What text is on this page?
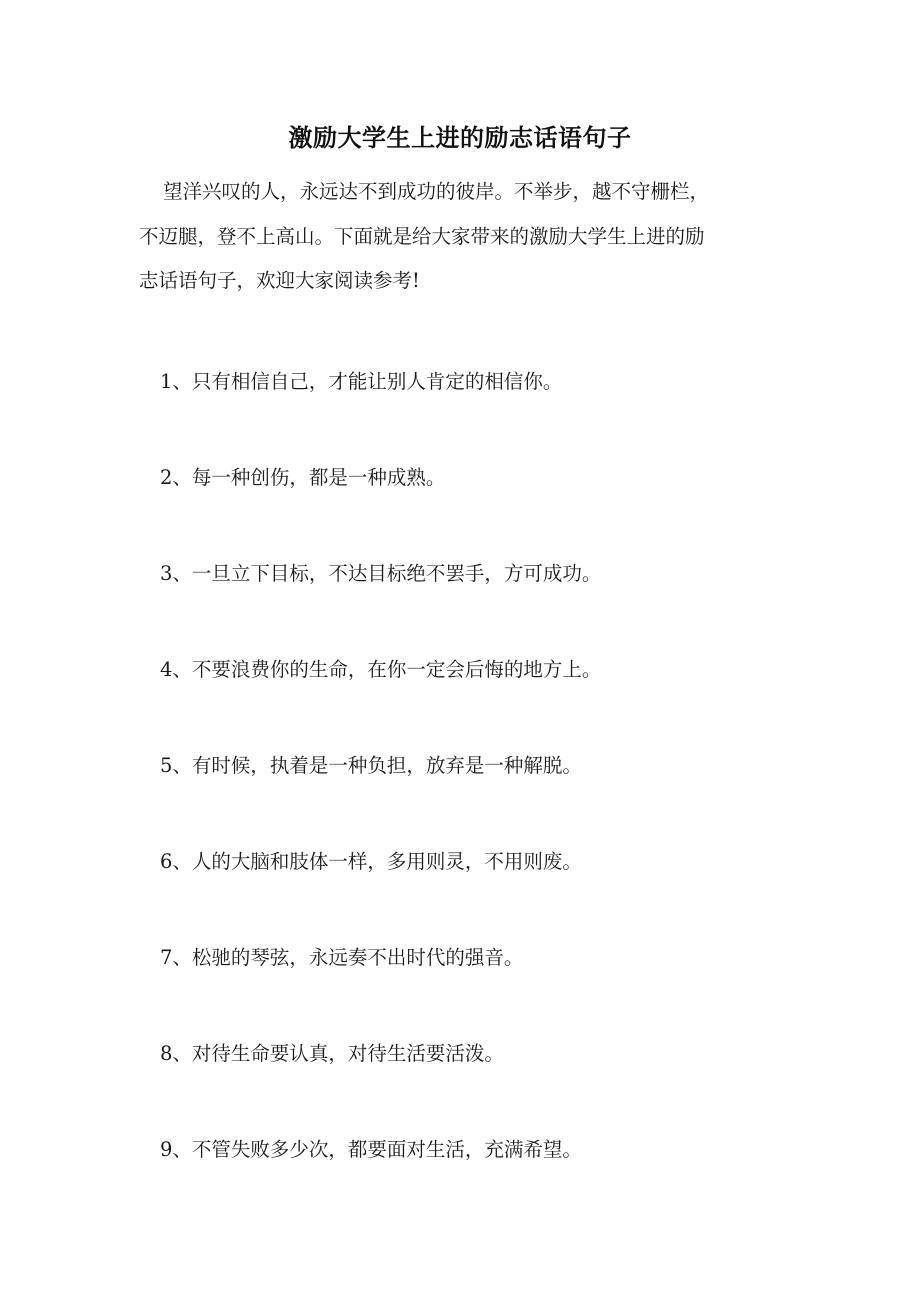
激励大学生上进的励志话语句子
望洋兴叹的人，永远达不到成功的彼岸。不举步，越不守栅栏，
不迈腿，登不上高山。下面就是给大家带来的激励大学生上进的励
志话语句子，欢迎大家阅读参考!
1、只有相信自己，才能让别人肯定的相信你。
2、每一种创伤，都是一种成熟。
3、一旦立下目标，不达目标绝不罢手，方可成功。
4、不要浪费你的生命，在你一定会后悔的地方上。
5、有时候，执着是一种负担，放弃是一种解脱。
6、人的大脑和肢体一样，多用则灵，不用则废。
7、松驰的琴弦，永远奏不出时代的强音。
8、对待生命要认真，对待生活要活泼。
9、不管失败多少次，都要面对生活，充满希望。
